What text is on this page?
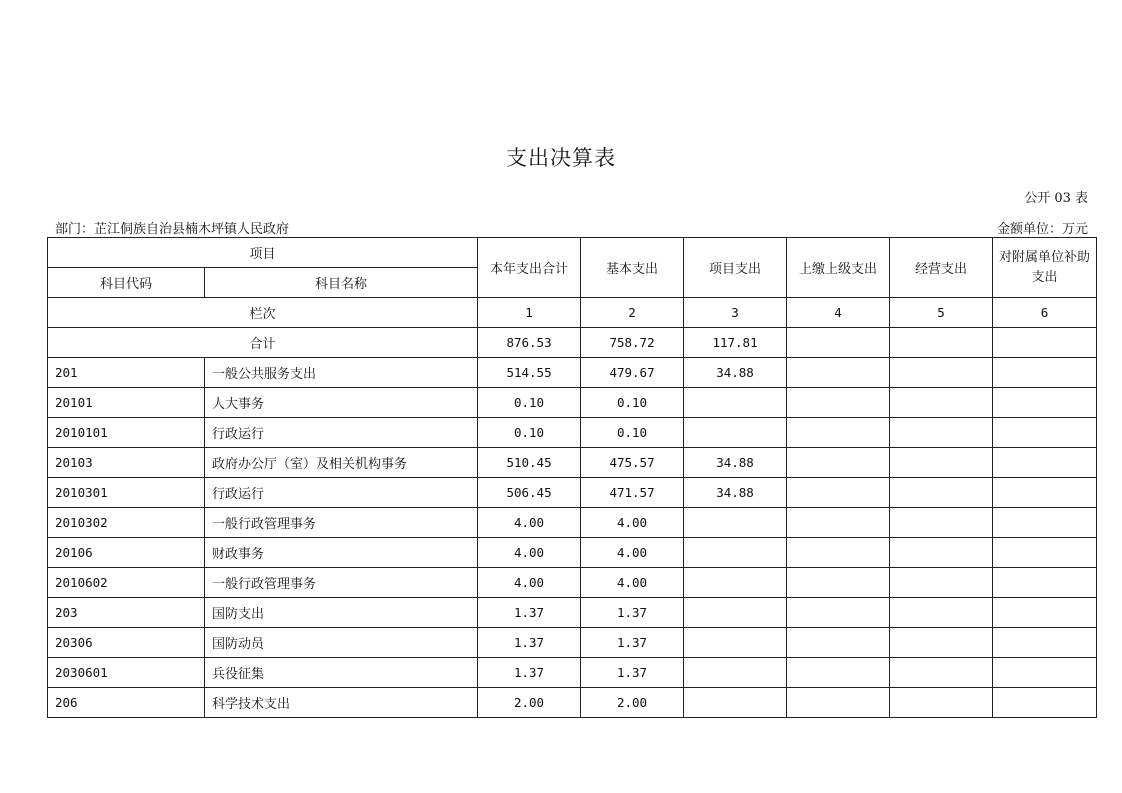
支出决算表
公开 03 表
部门：芷江侗族自治县楠木坪镇人民政府	金额单位：万元
项目		本年支出合计	基本支出	项目支出	上缴上级支出	经营支出	对附属单位补助支出
科目代码	科目名称						
栏次		1	2	3	4	5	6
合计		876.53	758.72	117.81			
201	一般公共服务支出	514.55	479.67	34.88			
20101	人大事务	0.10	0.10				
2010101	行政运行	0.10	0.10				
20103	政府办公厅（室）及相关机构事务	510.45	475.57	34.88			
2010301	行政运行	506.45	471.57	34.88			
2010302	一般行政管理事务	4.00	4.00				
20106	财政事务	4.00	4.00				
2010602	一般行政管理事务	4.00	4.00				
203	国防支出	1.37	1.37				
20306	国防动员	1.37	1.37				
2030601	兵役征集	1.37	1.37				
206	科学技术支出	2.00	2.00				
